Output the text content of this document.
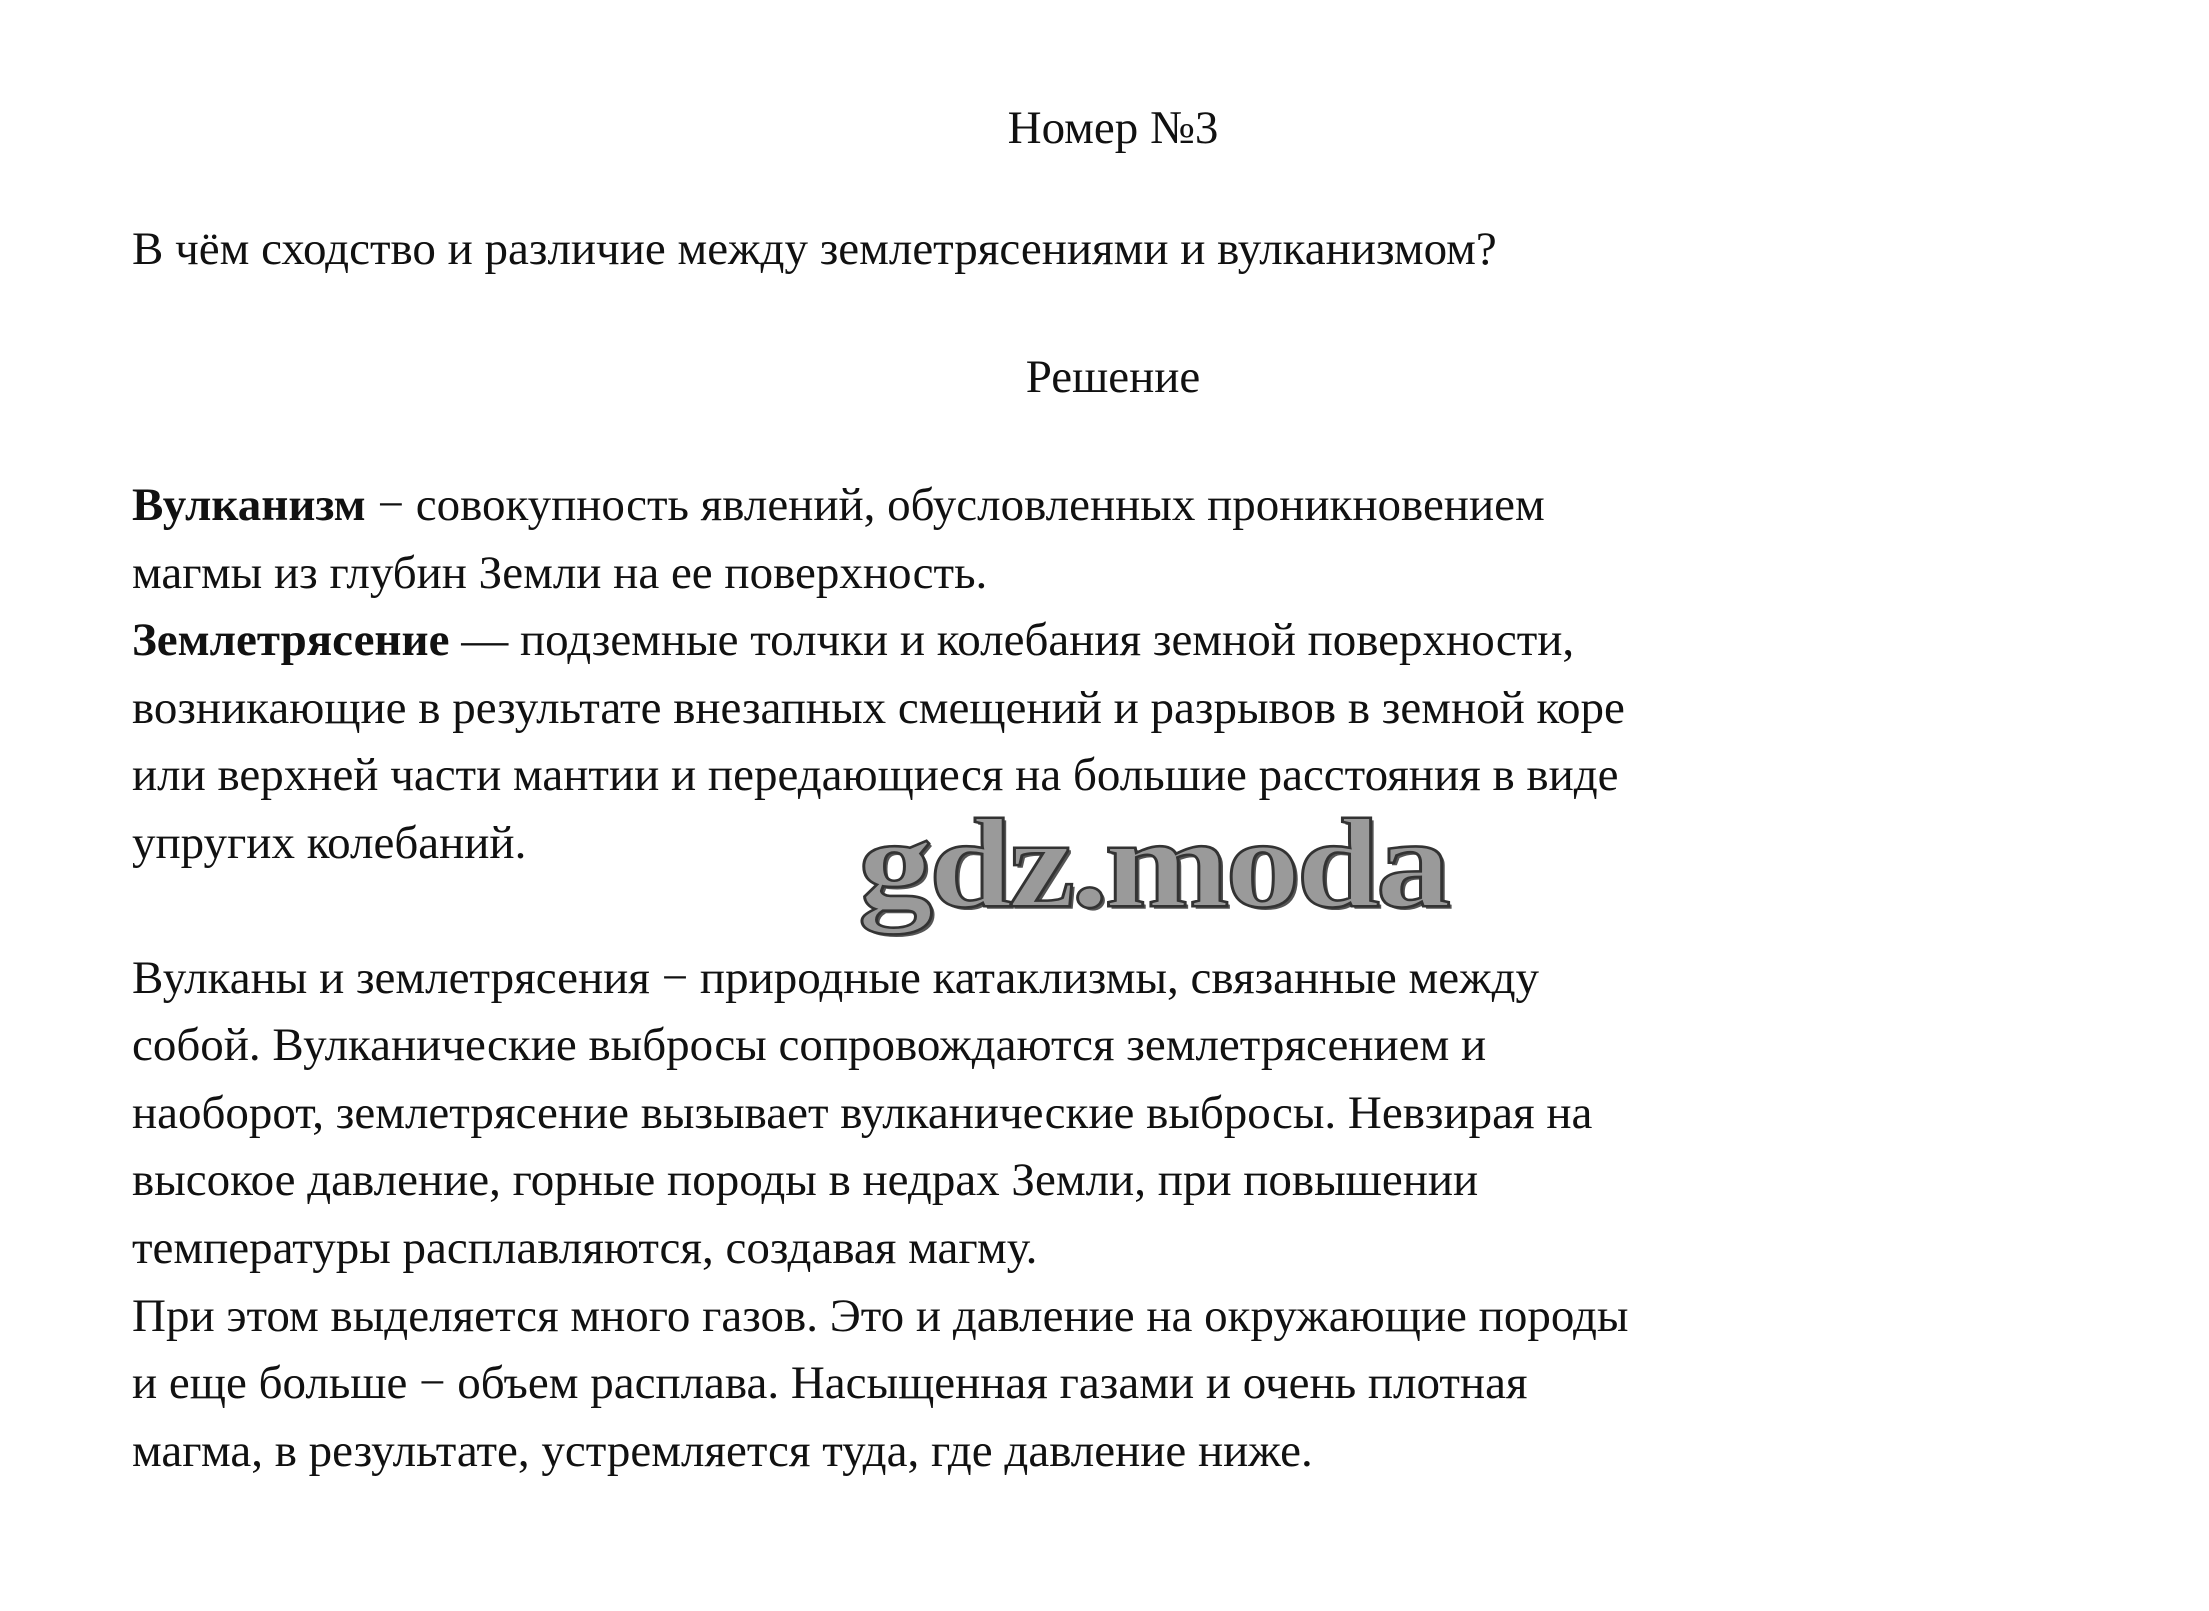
Номер №3
В чём сходство и различие между землетрясениями и вулканизмом?
Решение
Вулканизм − совокупность явлений, обусловленных проникновением
магмы из глубин Земли на ее поверхность.
Землетрясение — подземные толчки и колебания земной поверхности,
возникающие в результате внезапных смещений и разрывов в земной коре
или верхней части мантии и передающиеся на большие расстояния в виде
упругих колебаний.
Вулканы и землетрясения − природные катаклизмы, связанные между
собой. Вулканические выбросы сопровождаются землетрясением и
наоборот, землетрясение вызывает вулканические выбросы. Невзирая на
высокое давление, горные породы в недрах Земли, при повышении
температуры расплавляются, создавая магму.
При этом выделяется много газов. Это и давление на окружающие породы
и еще больше − объем расплава. Насыщенная газами и очень плотная
магма, в результате, устремляется туда, где давление ниже.
gdz.moda
